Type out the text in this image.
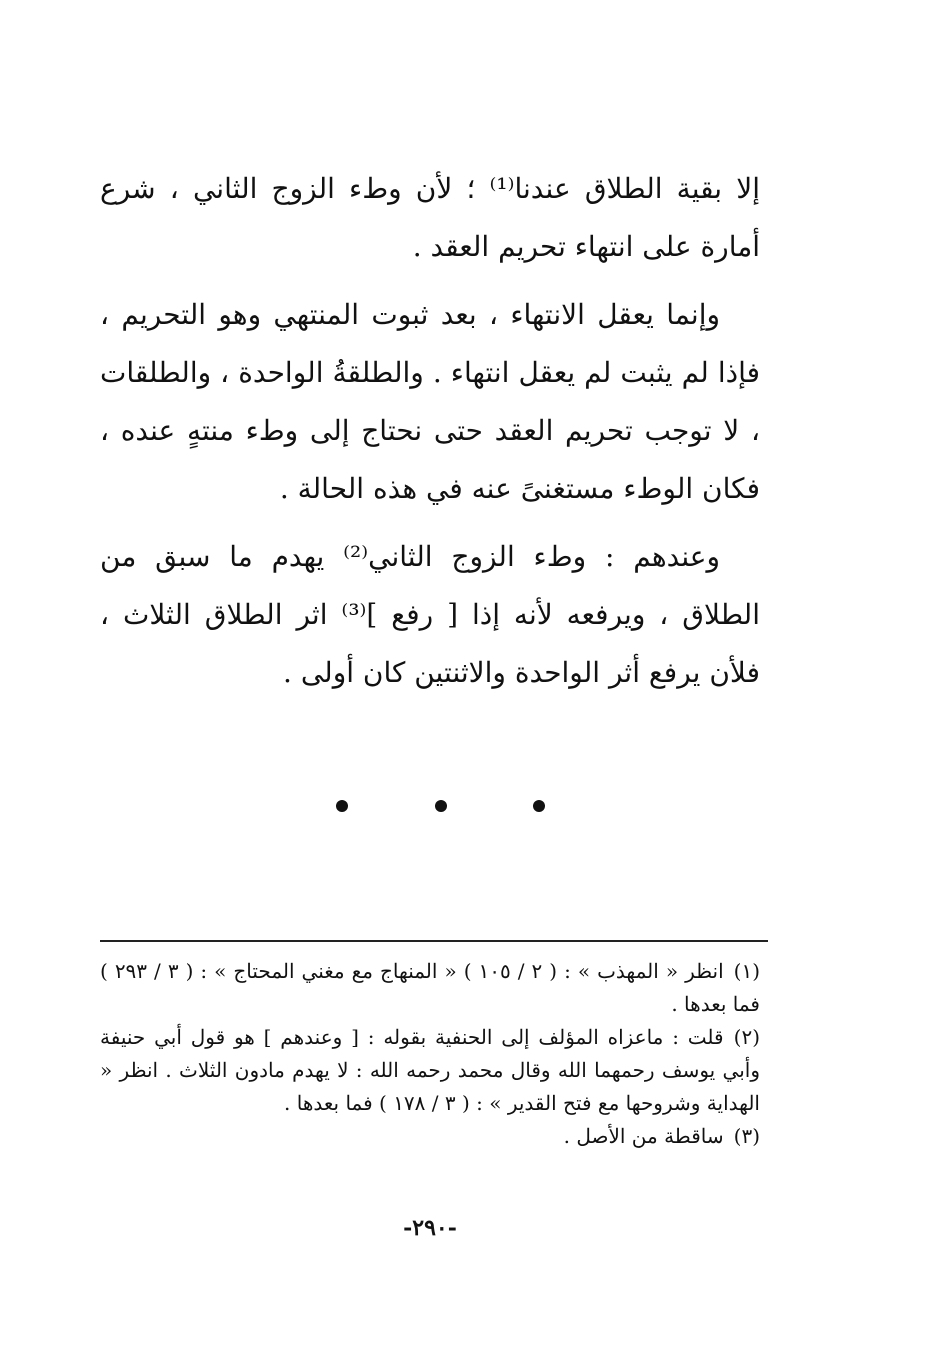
إلا بقية الطلاق عندنا⁽¹⁾ ؛ لأن وطء الزوج الثاني ، شرع أمارة على انتهاء تحريم العقد .

وإنما يعقل الانتهاء ، بعد ثبوت المنتهي وهو التحريم ، فإذا لم يثبت لم يعقل انتهاء . والطلقةُ الواحدة ، والطلقات ، لا توجب تحريم العقد حتى نحتاج إلى وطء منتهٍ عنده ، فكان الوطء مستغنىً عنه في هذه الحالة .

وعندهم : وطء الزوج الثاني⁽²⁾ يهدم ما سبق من الطلاق ، ويرفعه لأنه إذا [ رفع ]⁽³⁾ اثر الطلاق الثلاث ، فلأن يرفع أثر الواحدة والاثنتين كان أولى .

(١)انظر « المهذب » : ( ٢ / ١٠٥ ) « المنهاج مع مغني المحتاج » : ( ٣ / ٢٩٣ ) فما بعدها .

(٢)قلت : ماعزاه المؤلف إلى الحنفية بقوله : [ وعندهم ] هو قول أبي حنيفة وأبي يوسف رحمهما الله وقال محمد رحمه الله : لا يهدم مادون الثلاث . انظر « الهداية وشروحها مع فتح القدير » : ( ٣ / ١٧٨ ) فما بعدها .

(٣)ساقطة من الأصل .

-٢٩٠-
